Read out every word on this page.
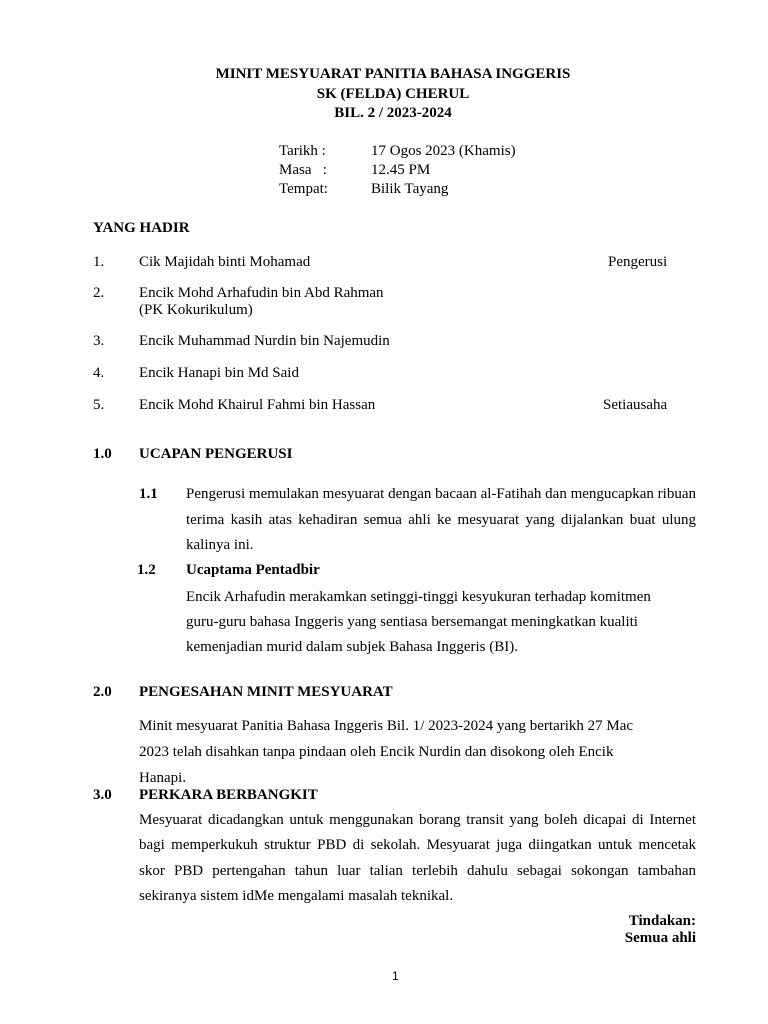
MINIT MESYUARAT PANITIA BAHASA INGGERIS
SK (FELDA) CHERUL
BIL. 2 / 2023-2024
Tarikh :	17 Ogos 2023 (Khamis)
Masa   :	12.45 PM
Tempat:	Bilik Tayang
YANG HADIR
1. Cik Majidah binti Mohamad	Pengerusi
2. Encik Mohd Arhafudin bin Abd Rahman
(PK Kokurikulum)
3. Encik Muhammad Nurdin bin Najemudin
4. Encik Hanapi bin Md Said
5. Encik Mohd Khairul Fahmi bin Hassan	Setiausaha
1.0 UCAPAN PENGERUSI
1.1 Pengerusi memulakan mesyuarat dengan bacaan al-Fatihah dan mengucapkan ribuan terima kasih atas kehadiran semua ahli ke mesyuarat yang dijalankan buat ulung kalinya ini.
1.2 Ucaptama Pentadbir
Encik Arhafudin merakamkan setinggi-tinggi kesyukuran terhadap komitmen guru-guru bahasa Inggeris yang sentiasa bersemangat meningkatkan kualiti kemenjadian murid dalam subjek Bahasa Inggeris (BI).
2.0 PENGESAHAN MINIT MESYUARAT
Minit mesyuarat Panitia Bahasa Inggeris Bil. 1/ 2023-2024 yang bertarikh 27 Mac 2023 telah disahkan tanpa pindaan oleh Encik Nurdin dan disokong oleh Encik Hanapi.
3.0 PERKARA BERBANGKIT
Mesyuarat dicadangkan untuk menggunakan borang transit yang boleh dicapai di Internet bagi memperkukuh struktur PBD di sekolah. Mesyuarat juga diingatkan untuk mencetak skor PBD pertengahan tahun luar talian terlebih dahulu sebagai sokongan tambahan sekiranya sistem idMe mengalami masalah teknikal.
Tindakan:
Semua ahli
1
